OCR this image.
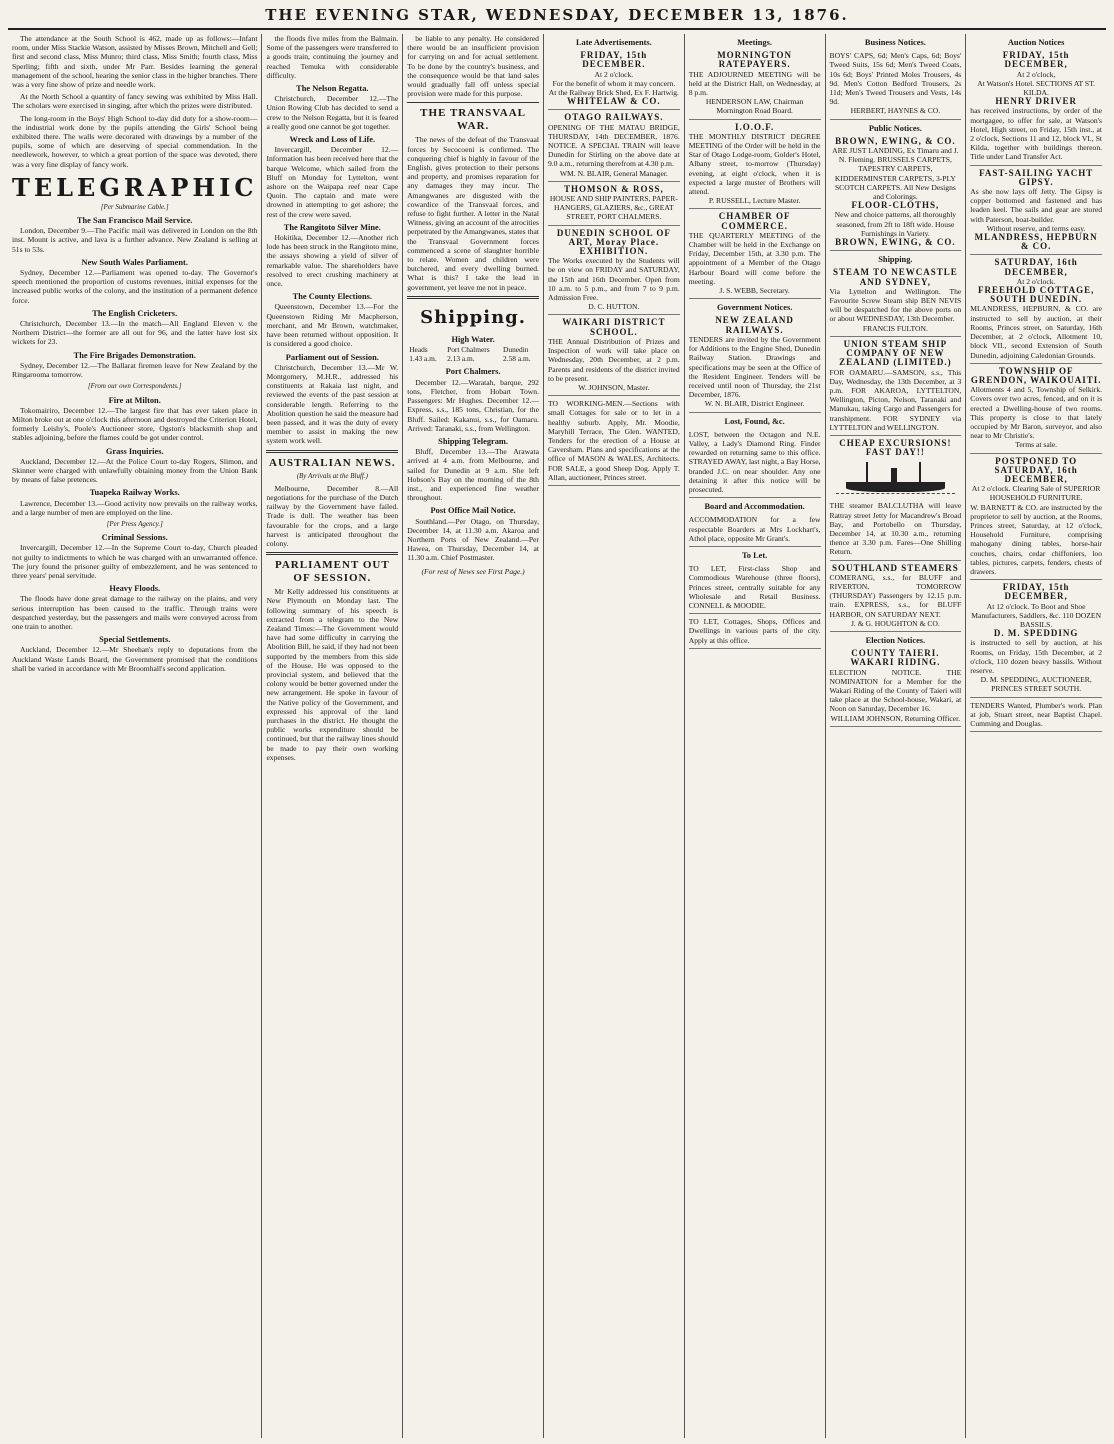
THE EVENING STAR, WEDNESDAY, DECEMBER 13, 1876.

The attendance at the South School is 462, made up as follows:—Infant room, under Miss Stackie Watson, assisted by Misses Brown, Mitchell and Gell; first and second class, Miss Munro; third class, Miss Smith; fourth class, Miss Sperling; fifth and sixth, under Mr Parr. Besides learning the general management of the school, hearing the senior class in the higher branches. There was a very fine show of prize and needle work.

At the North School a quantity of fancy sewing was exhibited by Miss Hall. The scholars were exercised in singing, after which the prizes were distributed.

The long-room in the Boys' High School to-day did duty for a show-room—the industrial work done by the pupils attending the Girls' School being exhibited there. The walls were decorated with drawings by a number of the pupils, some of which are deserving of special commendation. In the needlework, however, to which a great portion of the space was devoted, there was a very fine display of fancy work.

TELEGRAPHIC
[Per Submarine Cable.]
The San Francisco Mail Service.

London, December 9.—The Pacific mail was delivered in London on the 8th inst. Mount is active, and lava is a further advance. New Zealand is selling at 51s to 53s.

New South Wales Parliament.

Sydney, December 12.—Parliament was opened to-day. The Governor's speech mentioned the proportion of customs revenues, initial expenses for the increased public works of the colony, and the institution of a permanent defence force.

The English Cricketers.

Christchurch, December 13.—In the match—All England Eleven v. the Northern District—the former are all out for 96, and the latter have lost six wickets for 23.

The Fire Brigades Demonstration.

Sydney, December 12.—The Ballarat firemen leave for New Zealand by the Ringarooma tomorrow.

[From our own Correspondents.]
Fire at Milton.

Tokomairiro, December 12.—The largest fire that has ever taken place in Milton broke out at one o'clock this afternoon and destroyed the Criterion Hotel, formerly Leishy's, Poole's Auctioneer store, Ogston's blacksmith shop and stables adjoining, before the flames could be got under control.

Grass Inquiries.

Auckland, December 12.—At the Police Court to-day Rogers, Slimon, and Skinner were charged with unlawfully obtaining money from the Union Bank by means of false pretences.

Tuapeka Railway Works.

Lawrence, December 13.—Good activity now prevails on the railway works, and a large number of men are employed on the line.

[Per Press Agency.]
Criminal Sessions.

Invercargill, December 12.—In the Supreme Court to-day, Church pleaded not guilty to indictments to which he was charged with an unwarranted offence. The jury found the prisoner guilty of embezzlement, and he was sentenced to three years' penal servitude.

Heavy Floods.

The floods have done great damage to the railway on the plains, and very serious interruption has been caused to the traffic. Through trains were despatched yesterday, but the passengers and mails were conveyed across from one train to another.

Special Settlements.

Auckland, December 12.—Mr Sheehan's reply to deputations from the Auckland Waste Lands Board, the Government promised that the conditions shall be varied in accordance with Mr Broomhall's second application.

the floods five miles from the Balmain. Some of the passengers were transferred to a goods train, continuing the journey and reached Temuka with considerable difficulty.

The Nelson Regatta.

Christchurch, December 12.—The Union Rowing Club has decided to send a crew to the Nelson Regatta, but it is feared a really good one cannot be got together.

Wreck and Loss of Life.

Invercargill, December 12.—Information has been received here that the barque Welcome, which sailed from the Bluff on Monday for Lyttelton, went ashore on the Waipapa reef near Cape Quoin. The captain and mate were drowned in attempting to get ashore; the rest of the crew were saved.

The Rangitoto Silver Mine.

Hokitika, December 12.—Another rich lode has been struck in the Rangitoto mine, the assays showing a yield of silver of remarkable value. The shareholders have resolved to erect crushing machinery at once.

The County Elections.

Queenstown, December 13.—For the Queenstown Riding Mr Macpherson, merchant, and Mr Brown, watchmaker, have been returned without opposition. It is considered a good choice.

Parliament out of Session.

Christchurch, December 13.—Mr W. Montgomery, M.H.R., addressed his constituents at Rakaia last night, and reviewed the events of the past session at considerable length. Referring to the Abolition question he said the measure had been passed, and it was the duty of every member to assist in making the new system work well.

AUSTRALIAN NEWS.
(By Arrivals at the Bluff.)

Melbourne, December 8.—All negotiations for the purchase of the Dutch railway by the Government have failed. Trade is dull. The weather has been favourable for the crops, and a large harvest is anticipated throughout the colony.

PARLIAMENT OUT OF SESSION.

Mr Kelly addressed his constituents at New Plymouth on Monday last. The following summary of his speech is extracted from a telegram to the New Zealand Times:—The Government would have had some difficulty in carrying the Abolition Bill, he said, if they had not been supported by the members from this side of the House. He was opposed to the provincial system, and believed that the colony would be better governed under the new arrangement. He spoke in favour of the Native policy of the Government, and expressed his approval of the land purchases in the district. He thought the public works expenditure should be continued, but that the railway lines should be made to pay their own working expenses.

be liable to any penalty. He considered there would be an insufficient provision for carrying on and for actual settlement. To be done by the country's business, and the consequence would be that land sales would gradually fall off unless special provision were made for this purpose.

THE TRANSVAAL WAR.

The news of the defeat of the Transvaal forces by Secocoeni is confirmed. The conquering chief is highly in favour of the English, gives protection to their persons and property, and promises reparation for any damages they may incur. The Amangwanes are disgusted with the cowardice of the Transvaal forces, and refuse to fight further. A letter in the Natal Witness, giving an account of the atrocities perpetrated by the Amangwanes, states that the Transvaal Government forces commenced a scene of slaughter horrible to relate. Women and children were butchered, and every dwelling burned. What is this? I take the lead in government, yet leave me not in peace.

Shipping.
High Water.
Heads	Port Chalmers	Dunedin
1.43 a.m.	2.13 a.m.	2.58 a.m.
Port Chalmers.

December 12.—Waratah, barque, 292 tons, Fletcher, from Hobart Town. Passengers: Mr Hughes. December 12.—Express, s.s., 185 tons, Christian, for the Bluff. Sailed: Kakanui, s.s., for Oamaru. Arrived: Taranaki, s.s., from Wellington.

Shipping Telegram.

Bluff, December 13.—The Arawata arrived at 4 a.m. from Melbourne, and sailed for Dunedin at 9 a.m. She left Hobson's Bay on the morning of the 8th inst., and experienced fine weather throughout.

Post Office Mail Notice.

Southland.—Per Otago, on Thursday, December 14, at 11.30 a.m. Akaroa and Northern Ports of New Zealand.—Per Hawea, on Thursday, December 14, at 11.30 a.m. Chief Postmaster.

(For rest of News see First Page.)
Late Advertisements.
FRIDAY, 15th DECEMBER.
At 2 o'clock.
For the benefit of whom it may concern. At the Railway Brick Shed, Ex F. Hartwig.
WHITELAW & CO.
OTAGO RAILWAYS.
OPENING OF THE MATAU BRIDGE, THURSDAY, 14th DECEMBER, 1876. NOTICE. A SPECIAL TRAIN will leave Dunedin for Stirling on the above date at 9.0 a.m., returning therefrom at 4.30 p.m.
WM. N. BLAIR, General Manager.
THOMSON & ROSS,
HOUSE AND SHIP PAINTERS, PAPER-HANGERS, GLAZIERS, &c., GREAT STREET, PORT CHALMERS.
DUNEDIN SCHOOL OF ART, Moray Place.
EXHIBITION.
The Works executed by the Students will be on view on FRIDAY and SATURDAY, the 15th and 16th December. Open from 10 a.m. to 5 p.m., and from 7 to 9 p.m. Admission Free.
D. C. HUTTON.
WAIKARI DISTRICT SCHOOL.
THE Annual Distribution of Prizes and Inspection of work will take place on Wednesday, 20th December, at 2 p.m. Parents and residents of the district invited to be present.
W. JOHNSON, Master.
TO WORKING-MEN.—Sections with small Cottages for sale or to let in a healthy suburb. Apply, Mr. Moodie, Maryhill Terrace, The Glen. WANTED, Tenders for the erection of a House at Caversham. Plans and specifications at the office of MASON & WALES, Architects. FOR SALE, a good Sheep Dog. Apply T. Allan, auctioneer, Princes street.
Meetings.
MORNINGTON RATEPAYERS.
THE ADJOURNED MEETING will be held at the District Hall, on Wednesday, at 8 p.m.
HENDERSON LAW, Chairman Mornington Road Board.
I.O.O.F.
THE MONTHLY DISTRICT DEGREE MEETING of the Order will be held in the Star of Otago Lodge-room, Golder's Hotel, Albany street, to-morrow (Thursday) evening, at eight o'clock, when it is expected a large muster of Brothers will attend.
P. RUSSELL, Lecture Master.
CHAMBER OF COMMERCE.
THE QUARTERLY MEETING of the Chamber will be held in the Exchange on Friday, December 15th, at 3.30 p.m. The appointment of a Member of the Otago Harbour Board will come before the meeting.
J. S. WEBB, Secretary.
Government Notices.
NEW ZEALAND RAILWAYS.
TENDERS are invited by the Government for Additions to the Engine Shed, Dunedin Railway Station. Drawings and specifications may be seen at the Office of the Resident Engineer. Tenders will be received until noon of Thursday, the 21st December, 1876.
W. N. BLAIR, District Engineer.
Lost, Found, &c.
LOST, between the Octagon and N.E. Valley, a Lady's Diamond Ring. Finder rewarded on returning same to this office. STRAYED AWAY, last night, a Bay Horse, branded J.C. on near shoulder. Any one detaining it after this notice will be prosecuted.
Board and Accommodation.
ACCOMMODATION for a few respectable Boarders at Mrs Lockhart's, Athol place, opposite Mr Grant's.
To Let.
TO LET, First-class Shop and Commodious Warehouse (three floors), Princes street, centrally suitable for any Wholesale and Retail Business. CONNELL & MOODIE.
TO LET, Cottages, Shops, Offices and Dwellings in various parts of the city. Apply at this office.
Business Notices.
BOYS' CAPS, 6d; Men's Caps, 6d; Boys' Tweed Suits, 15s 6d; Men's Tweed Coats, 10s 6d; Boys' Printed Moles Trousers, 4s 9d. Men's Cotton Bedford Trousers, 2s 11d; Men's Tweed Trousers and Vests, 14s 9d.
HERBERT, HAYNES & CO.
Public Notices.
BROWN, EWING, & CO.
ARE JUST LANDING, Ex Timaru and J. N. Fleming. BRUSSELS CARPETS, TAPESTRY CARPETS, KIDDERMINSTER CARPETS, 3-PLY SCOTCH CARPETS. All New Designs and Colorings.
FLOOR-CLOTHS,
New and choice patterns, all thoroughly seasoned, from 2ft to 18ft wide. House Furnishings in Variety.
BROWN, EWING, & CO.
Shipping.
STEAM TO NEWCASTLE AND SYDNEY,
Via Lyttelton and Wellington. The Favourite Screw Steam ship BEN NEVIS will be despatched for the above ports on or about WEDNESDAY, 13th December.
FRANCIS FULTON.
UNION STEAM SHIP COMPANY OF NEW ZEALAND (LIMITED.)
FOR OAMARU.—SAMSON, s.s., This Day, Wednesday, the 13th December, at 3 p.m. FOR AKAROA, LYTTELTON, Wellington, Picton, Nelson, Taranaki and Manukau, taking Cargo and Passengers for transhipment. FOR SYDNEY via LYTTELTON and WELLINGTON.
CHEAP EXCURSIONS! FAST DAY!!
THE steamer BALCLUTHA will leave Rattray street Jetty for Macandrew's Broad Bay, and Portobello on Thursday, December 14, at 10.30 a.m., returning thence at 3.30 p.m. Fares—One Shilling Return.
SOUTHLAND STEAMERS
COMERANG, s.s., for BLUFF and RIVERTON, TOMORROW (THURSDAY) Passengers by 12.15 p.m. train. EXPRESS, s.s., for BLUFF HARBOR, ON SATURDAY NEXT.
J. & G. HOUGHTON & CO.
Election Notices.
COUNTY TAIERI. WAKARI RIDING.
ELECTION NOTICE. THE NOMINATION for a Member for the Wakari Riding of the County of Taieri will take place at the School-house, Wakari, at Noon on Saturday, December 16.
WILLIAM JOHNSON, Returning Officer.
Auction Notices
FRIDAY, 15th DECEMBER,
At 2 o'clock,
At Watson's Hotel. SECTIONS AT ST. KILDA.
HENRY DRIVER
has received instructions, by order of the mortgagee, to offer for sale, at Watson's Hotel, High street, on Friday, 15th inst., at 2 o'clock, Sections 11 and 12, block VI., St Kilda, together with buildings thereon. Title under Land Transfer Act.
FAST-SAILING YACHT GIPSY.
As she now lays off Jetty. The Gipsy is copper bottomed and fastened and has leaden keel. The sails and gear are stored with Paterson, boat-builder.
Without reserve, and terms easy.
MLANDRESS, HEPBURN & CO.
SATURDAY, 16th DECEMBER,
At 2 o'clock.
FREEHOLD COTTAGE, SOUTH DUNEDIN.
MLANDRESS, HEPBURN, & CO. are instructed to sell by auction, at their Rooms, Princes street, on Saturday, 16th December, at 2 o'clock, Allotment 10, block VII., second Extension of South Dunedin, adjoining Caledonian Grounds.
TOWNSHIP OF GRENDON, WAIKOUAITI.
Allotments 4 and 5, Township of Selkirk. Covers over two acres, fenced, and on it is erected a Dwelling-house of two rooms. This property is close to that lately occupied by Mr Baron, surveyor, and also near to Mr Christie's.
Terms at sale.
POSTPONED TO SATURDAY, 16th DECEMBER,
At 2 o'clock. Clearing Sale of SUPERIOR HOUSEHOLD FURNITURE.
W. BARNETT & CO. are instructed by the proprietor to sell by auction, at the Rooms, Princes street, Saturday, at 12 o'clock, Household Furniture, comprising mahogany dining tables, horse-hair couches, chairs, cedar chiffoniers, loo tables, pictures, carpets, fenders, chests of drawers.
FRIDAY, 15th DECEMBER,
At 12 o'clock. To Boot and Shoe Manufacturers, Saddlers, &c. 110 DOZEN BASSILS.
D. M. SPEDDING
is instructed to sell by auction, at his Rooms, on Friday, 15th December, at 2 o'clock, 110 dozen heavy bassils. Without reserve.
D. M. SPEDDING, AUCTIONEER, PRINCES STREET SOUTH.
TENDERS Wanted, Plumber's work. Plan at job, Stuart street, near Baptist Chapel. Cumming and Douglas.
